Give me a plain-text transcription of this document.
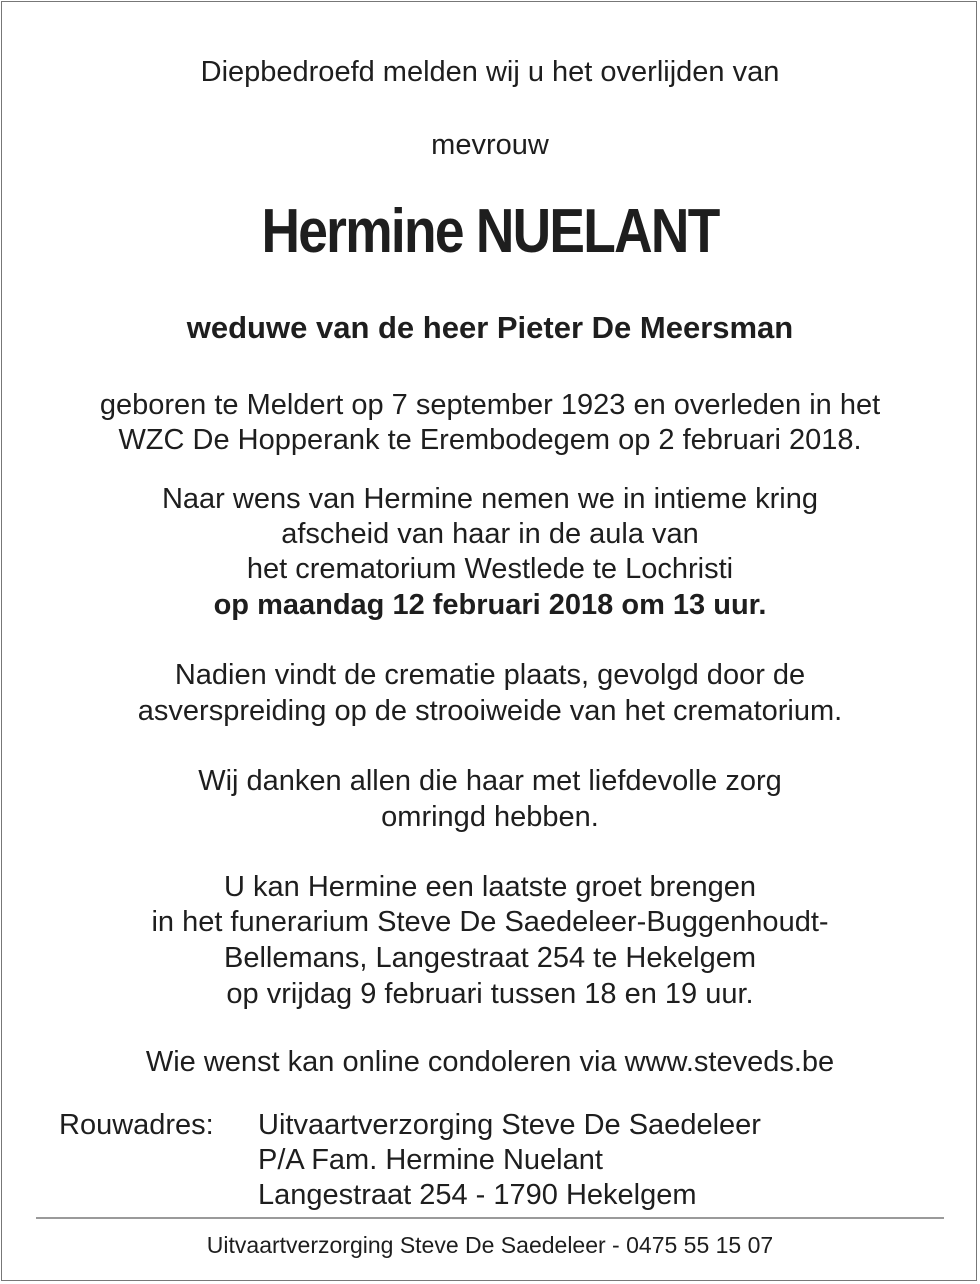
Diepbedroefd melden wij u het overlijden van
mevrouw
Hermine NUELANT
weduwe van de heer Pieter De Meersman
geboren te Meldert op 7 september 1923 en overleden in het
WZC De Hopperank te Erembodegem op 2 februari 2018.
Naar wens van Hermine nemen we in intieme kring
afscheid van haar in de aula van
het crematorium Westlede te Lochristi
op maandag 12 februari 2018 om 13 uur.
Nadien vindt de crematie plaats, gevolgd door de
asverspreiding op de strooiweide van het crematorium.
Wij danken allen die haar met liefdevolle zorg
omringd hebben.
U kan Hermine een laatste groet brengen
in het funerarium Steve De Saedeleer-Buggenhoudt-
Bellemans, Langestraat 254 te Hekelgem
op vrijdag 9 februari tussen 18 en 19 uur.
Wie wenst kan online condoleren via www.steveds.be
Rouwadres: Uitvaartverzorging Steve De Saedeleer
P/A Fam. Hermine Nuelant
Langestraat 254 - 1790 Hekelgem
Uitvaartverzorging Steve De Saedeleer - 0475 55 15 07
